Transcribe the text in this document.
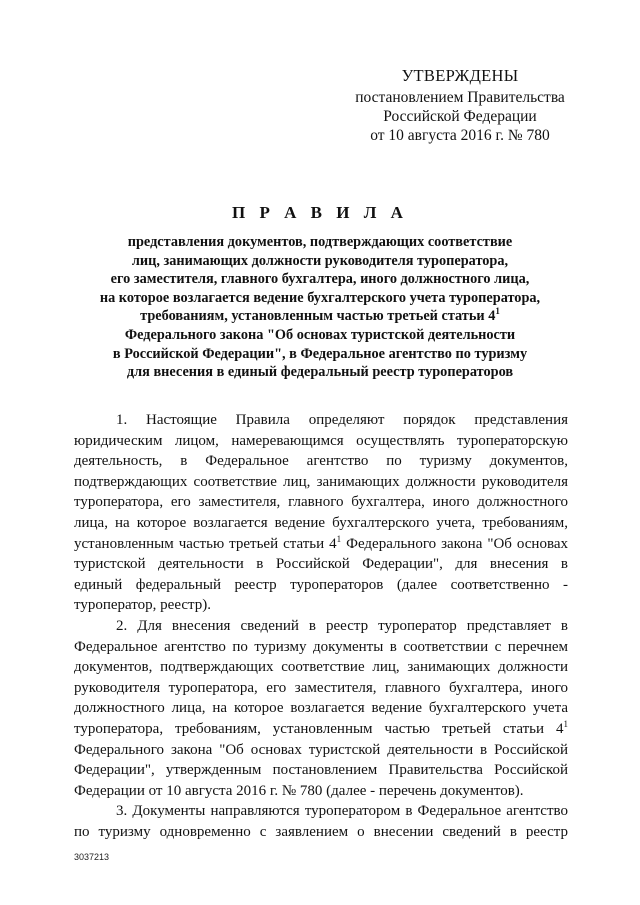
УТВЕРЖДЕНЫ
постановлением Правительства
Российской Федерации
от 10 августа 2016 г. № 780
П Р А В И Л А
представления документов, подтверждающих соответствие
лиц, занимающих должности руководителя туроператора,
его заместителя, главного бухгалтера, иного должностного лица,
на которое возлагается ведение бухгалтерского учета туроператора,
требованиям, установленным частью третьей статьи $4^1$
Федерального закона "Об основах туристской деятельности
в Российской Федерации", в Федеральное агентство по туризму
для внесения в единый федеральный реестр туроператоров
1. Настоящие Правила определяют порядок представления
юридическим лицом, намеревающимся осуществлять туроператорскую
деятельность, в Федеральное агентство по туризму документов,
подтверждающих соответствие лиц, занимающих должности руководителя
туроператора, его заместителя, главного бухгалтера, иного должностного
лица, на которое возлагается ведение бухгалтерского учета, требованиям,
установленным частью третьей статьи $4^1$ Федерального закона "Об основах
туристской деятельности в Российской Федерации", для внесения в
единый федеральный реестр туроператоров (далее соответственно -
туроператор, реестр).
2. Для внесения сведений в реестр туроператор представляет в
Федеральное агентство по туризму документы в соответствии с перечнем
документов, подтверждающих соответствие лиц, занимающих должности
руководителя туроператора, его заместителя, главного бухгалтера, иного
должностного лица, на которое возлагается ведение бухгалтерского учета
туроператора, требованиям, установленным частью третьей статьи $4^1$
Федерального закона "Об основах туристской деятельности в Российской
Федерации", утвержденным постановлением Правительства Российской
Федерации от 10 августа 2016 г. № 780 (далее - перечень документов).
3. Документы направляются туроператором в Федеральное агентство
по туризму одновременно с заявлением о внесении сведений в реестр
3037213
